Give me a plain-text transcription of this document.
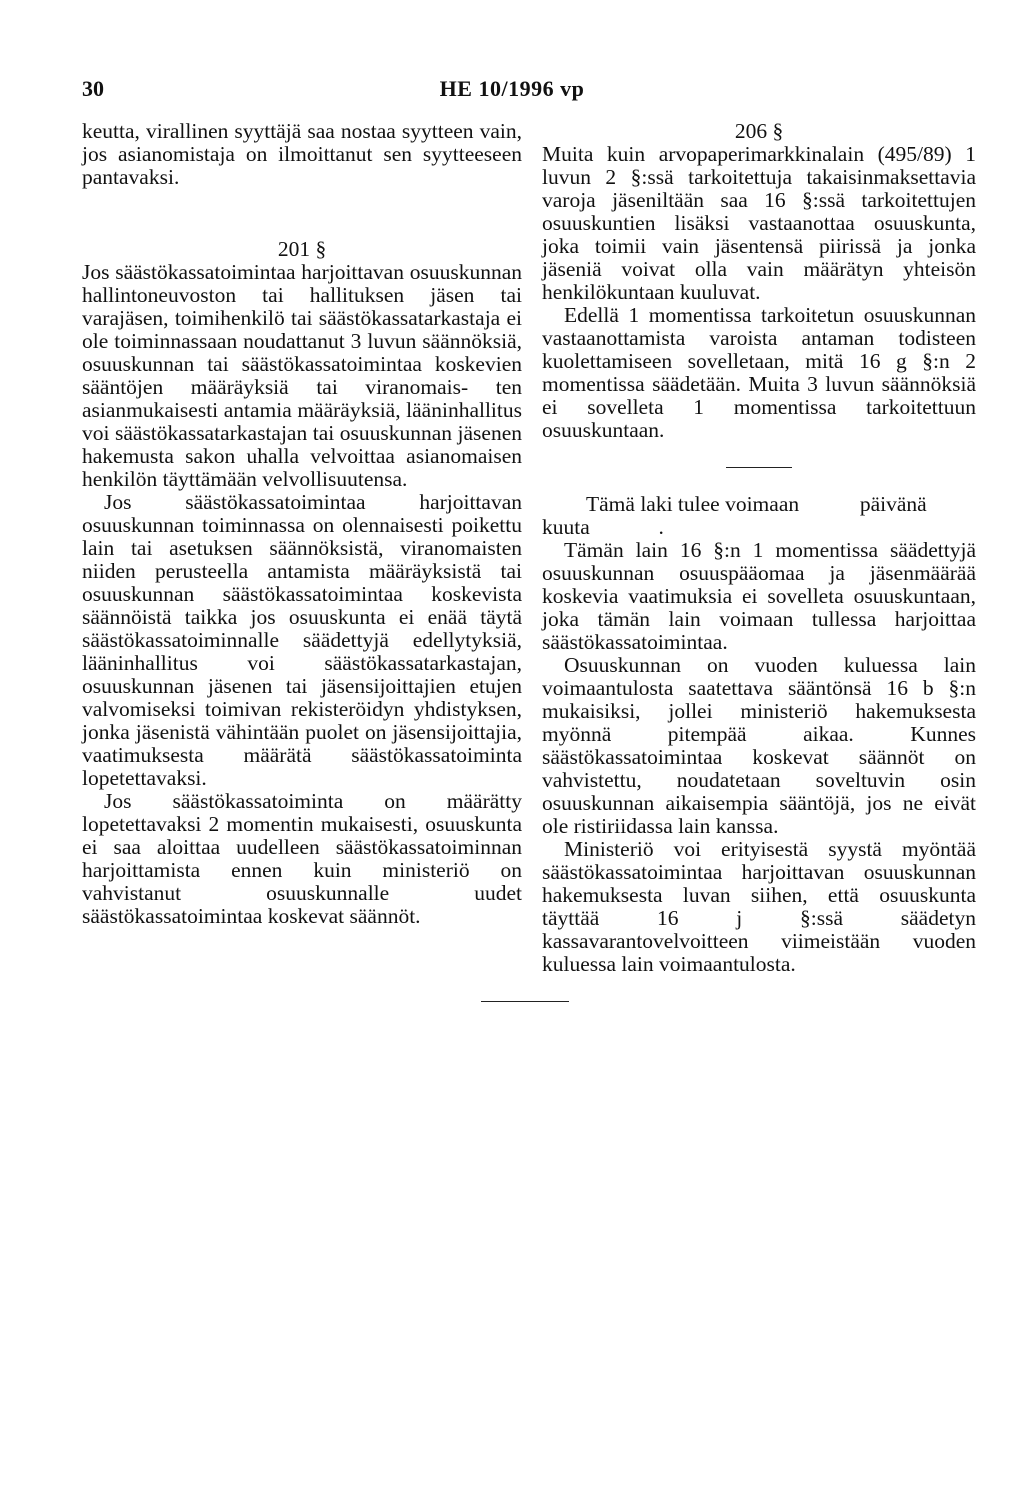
30	HE 10/1996 vp

keutta, virallinen syyttäjä saa nostaa syytteen vain, jos asianomistaja on ilmoittanut sen syytteeseen pantavaksi.

201 §

Jos säästökassatoimintaa harjoittavan osuuskunnan hallintoneuvoston tai hallituksen jäsen tai varajäsen, toimihenkilö tai säästökassatarkastaja ei ole toiminnassaan noudattanut 3 luvun säännöksiä, osuuskunnan tai säästökassatoimintaa koskevien sääntöjen määräyksiä tai viranomais- ten asianmukaisesti antamia määräyksiä, lääninhallitus voi säästökassatarkastajan tai osuuskunnan jäsenen hakemusta sakon uhalla velvoittaa asianomaisen henkilön täyttämään velvollisuutensa.

Jos säästökassatoimintaa harjoittavan osuuskunnan toiminnassa on olennaisesti poikettu lain tai asetuksen säännöksistä, viranomaisten niiden perusteella antamista määräyksistä tai osuuskunnan säästökassatoimintaa koskevista säännöistä taikka jos osuuskunta ei enää täytä säästökassatoiminnalle säädettyjä edellytyksiä, lääninhallitus voi säästökassatarkastajan, osuuskunnan jäsenen tai jäsensijoittajien etujen valvomiseksi toimivan rekisteröidyn yhdistyksen, jonka jäsenistä vähintään puolet on jäsensijoittajia, vaatimuksesta määrätä säästökassatoiminta lopetettavaksi.

Jos säästökassatoiminta on määrätty lopetettavaksi 2 momentin mukaisesti, osuuskunta ei saa aloittaa uudelleen säästökassatoiminnan harjoittamista ennen kuin ministeriö on vahvistanut osuuskunnalle uudet säästökassatoimintaa koskevat säännöt.

206 §

Muita kuin arvopaperimarkkinalain (495/89) 1 luvun 2 §:ssä tarkoitettuja takaisinmaksettavia varoja jäseniltään saa 16 §:ssä tarkoitettujen osuuskuntien lisäksi vastaanottaa osuuskunta, joka toimii vain jäsentensä piirissä ja jonka jäseniä voivat olla vain määrätyn yhteisön henkilökuntaan kuuluvat.

Edellä 1 momentissa tarkoitetun osuuskunnan vastaanottamista varoista antaman todisteen kuolettamiseen sovelletaan, mitä 16 g §:n 2 momentissa säädetään. Muita 3 luvun säännöksiä ei sovelleta 1 momentissa tarkoitettuun osuuskuntaan.

Tämä laki tulee voimaan	päivänä

kuuta	.

Tämän lain 16 §:n 1 momentissa säädettyjä osuuskunnan osuuspääomaa ja jäsenmäärää koskevia vaatimuksia ei sovelleta osuuskuntaan, joka tämän lain voimaan tullessa harjoittaa säästökassatoimintaa.

Osuuskunnan on vuoden kuluessa lain voimaantulosta saatettava sääntönsä 16 b §:n mukaisiksi, jollei ministeriö hakemuksesta myönnä pitempää aikaa. Kunnes säästökassatoimintaa koskevat säännöt on vahvistettu, noudatetaan soveltuvin osin osuuskunnan aikaisempia sääntöjä, jos ne eivät ole ristiriidassa lain kanssa.

Ministeriö voi erityisestä syystä myöntää säästökassatoimintaa harjoittavan osuuskunnan hakemuksesta luvan siihen, että osuuskunta täyttää 16 j §:ssä säädetyn kassavarantovelvoitteen viimeistään vuoden kuluessa lain voimaantulosta.
